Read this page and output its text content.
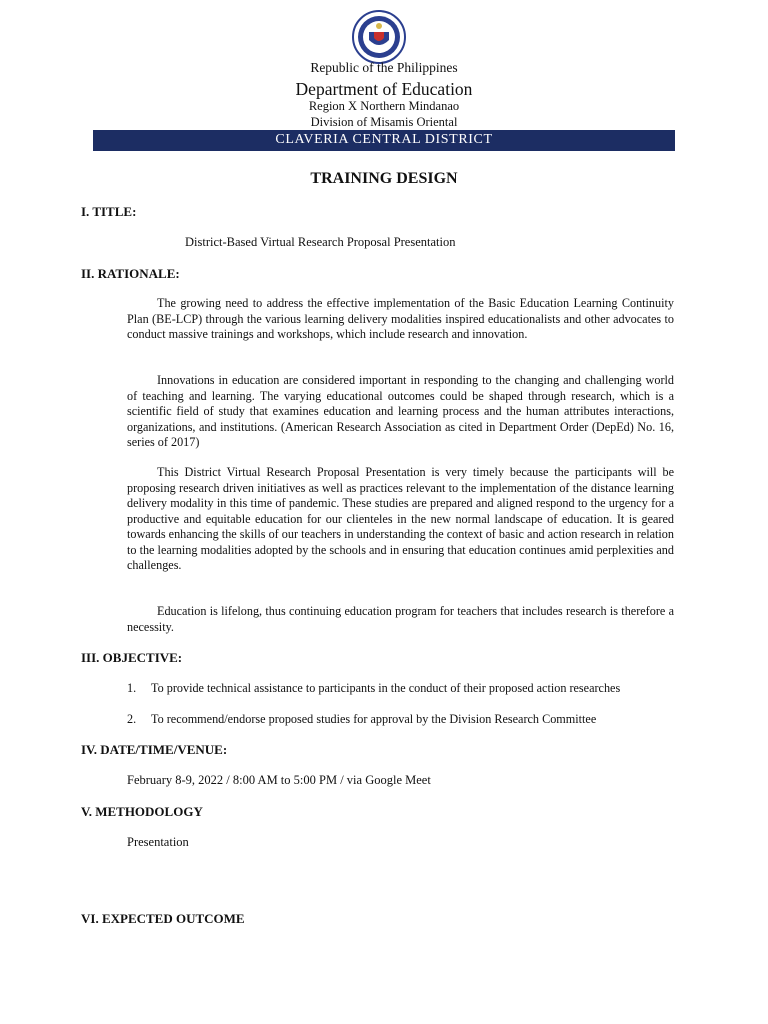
Republic of the Philippines
Department of Education
Region X Northern Mindanao
Division of Misamis Oriental
CLAVERIA CENTRAL DISTRICT
TRAINING DESIGN
I. TITLE:
District-Based Virtual Research Proposal Presentation
II. RATIONALE:

The growing need to address the effective implementation of the Basic Education Learning Continuity Plan (BE-LCP) through the various learning delivery modalities inspired educationalists and other advocates to conduct massive trainings and workshops, which include research and innovation.

Innovations in education are considered important in responding to the changing and challenging world of teaching and learning. The varying educational outcomes could be shaped through research, which is a scientific field of study that examines education and learning process and the human attributes interactions, organizations, and institutions. (American Research Association as cited in Department Order (DepEd) No. 16, series of 2017)

This District Virtual Research Proposal Presentation is very timely because the participants will be proposing research driven initiatives as well as practices relevant to the implementation of the distance learning delivery modality in this time of pandemic. These studies are prepared and aligned respond to the urgency for a productive and equitable education for our clienteles in the new normal landscape of education. It is geared towards enhancing the skills of our teachers in understanding the context of basic and action research in relation to the learning modalities adopted by the schools and in ensuring that education continues amid perplexities and challenges.

Education is lifelong, thus continuing education program for teachers that includes research is therefore a necessity.

III. OBJECTIVE:
1.	To provide technical assistance to participants in the conduct of their proposed action researches
2.	To recommend/endorse proposed studies for approval by the Division Research Committee
IV. DATE/TIME/VENUE:
February 8-9, 2022 / 8:00 AM to 5:00 PM / via Google Meet
V. METHODOLOGY
Presentation
VI. EXPECTED OUTCOME
